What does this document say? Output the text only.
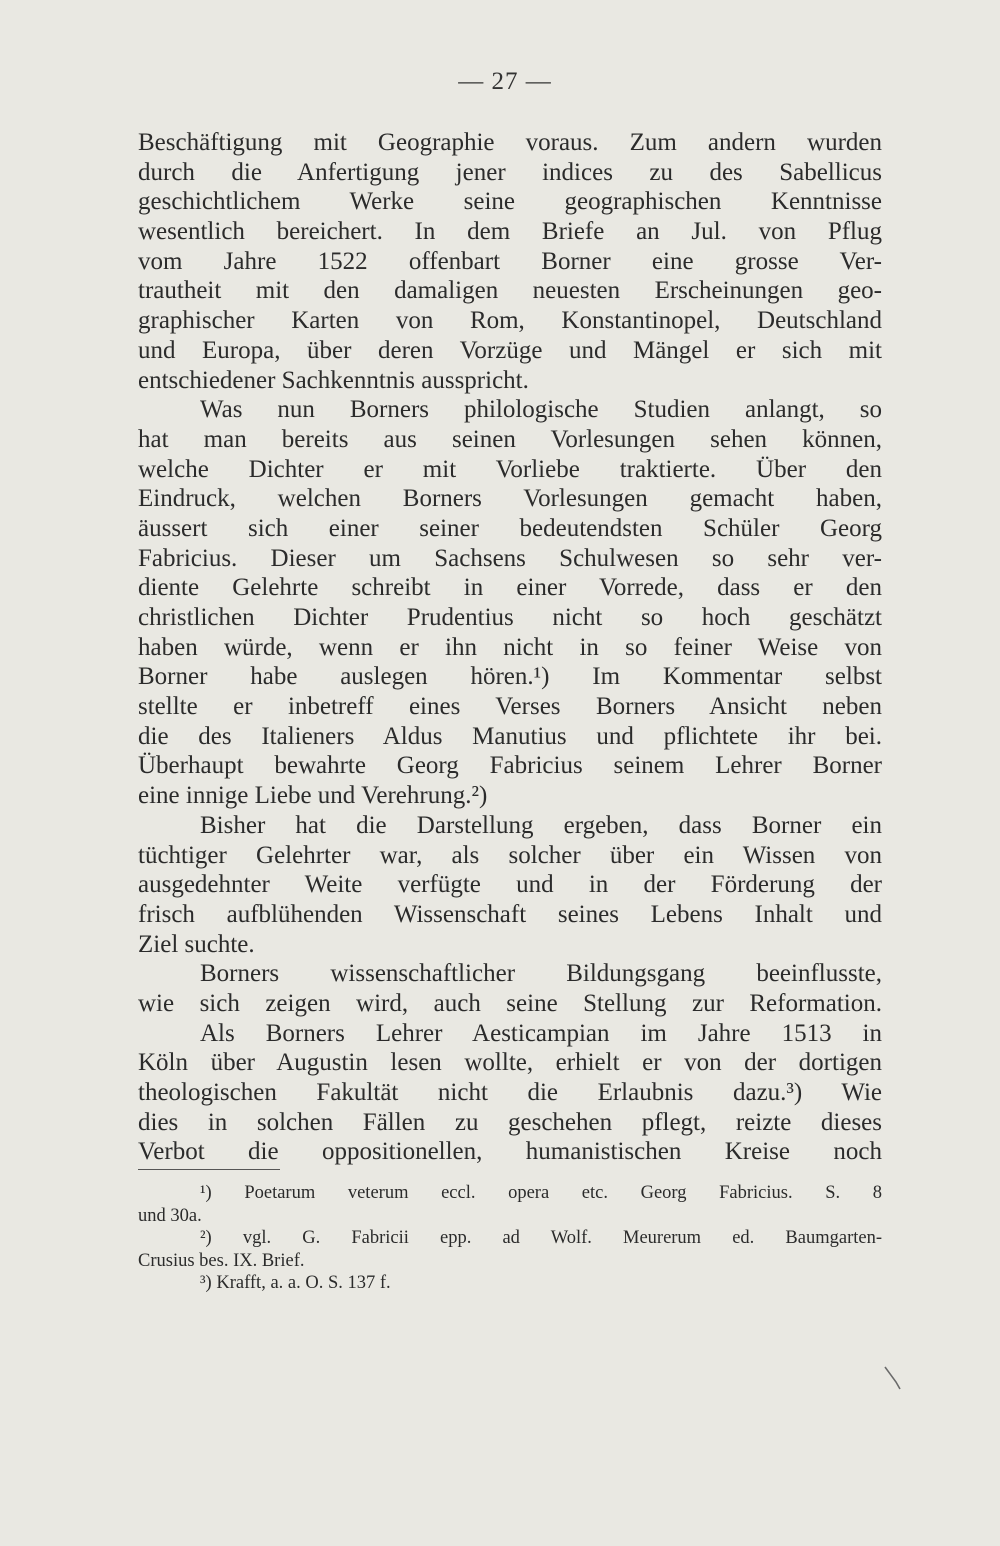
— 27 —
Beschäftigung mit Geographie voraus. Zum andern wurden
durch die Anfertigung jener indices zu des Sabellicus
geschichtlichem Werke seine geographischen Kenntnisse
wesentlich bereichert. In dem Briefe an Jul. von Pflug
vom Jahre 1522 offenbart Borner eine grosse Ver-
trautheit mit den damaligen neuesten Erscheinungen geo-
graphischer Karten von Rom, Konstantinopel, Deutschland
und Europa, über deren Vorzüge und Mängel er sich mit
entschiedener Sachkenntnis ausspricht.
Was nun Borners philologische Studien anlangt, so
hat man bereits aus seinen Vorlesungen sehen können,
welche Dichter er mit Vorliebe traktierte. Über den
Eindruck, welchen Borners Vorlesungen gemacht haben,
äussert sich einer seiner bedeutendsten Schüler Georg
Fabricius. Dieser um Sachsens Schulwesen so sehr ver-
diente Gelehrte schreibt in einer Vorrede, dass er den
christlichen Dichter Prudentius nicht so hoch geschätzt
haben würde, wenn er ihn nicht in so feiner Weise von
Borner habe auslegen hören.¹) Im Kommentar selbst
stellte er inbetreff eines Verses Borners Ansicht neben
die des Italieners Aldus Manutius und pflichtete ihr bei.
Überhaupt bewahrte Georg Fabricius seinem Lehrer Borner
eine innige Liebe und Verehrung.²)
Bisher hat die Darstellung ergeben, dass Borner ein
tüchtiger Gelehrter war, als solcher über ein Wissen von
ausgedehnter Weite verfügte und in der Förderung der
frisch aufblühenden Wissenschaft seines Lebens Inhalt und
Ziel suchte.
Borners wissenschaftlicher Bildungsgang beeinflusste,
wie sich zeigen wird, auch seine Stellung zur Reformation.
Als Borners Lehrer Aesticampian im Jahre 1513 in
Köln über Augustin lesen wollte, erhielt er von der dortigen
theologischen Fakultät nicht die Erlaubnis dazu.³) Wie
dies in solchen Fällen zu geschehen pflegt, reizte dieses
Verbot die oppositionellen, humanistischen Kreise noch
¹) Poetarum veterum eccl. opera etc. Georg Fabricius. S. 8
und 30a.
²) vgl. G. Fabricii epp. ad Wolf. Meurerum ed. Baumgarten-
Crusius bes. IX. Brief.
³) Krafft, a. a. O. S. 137 f.
